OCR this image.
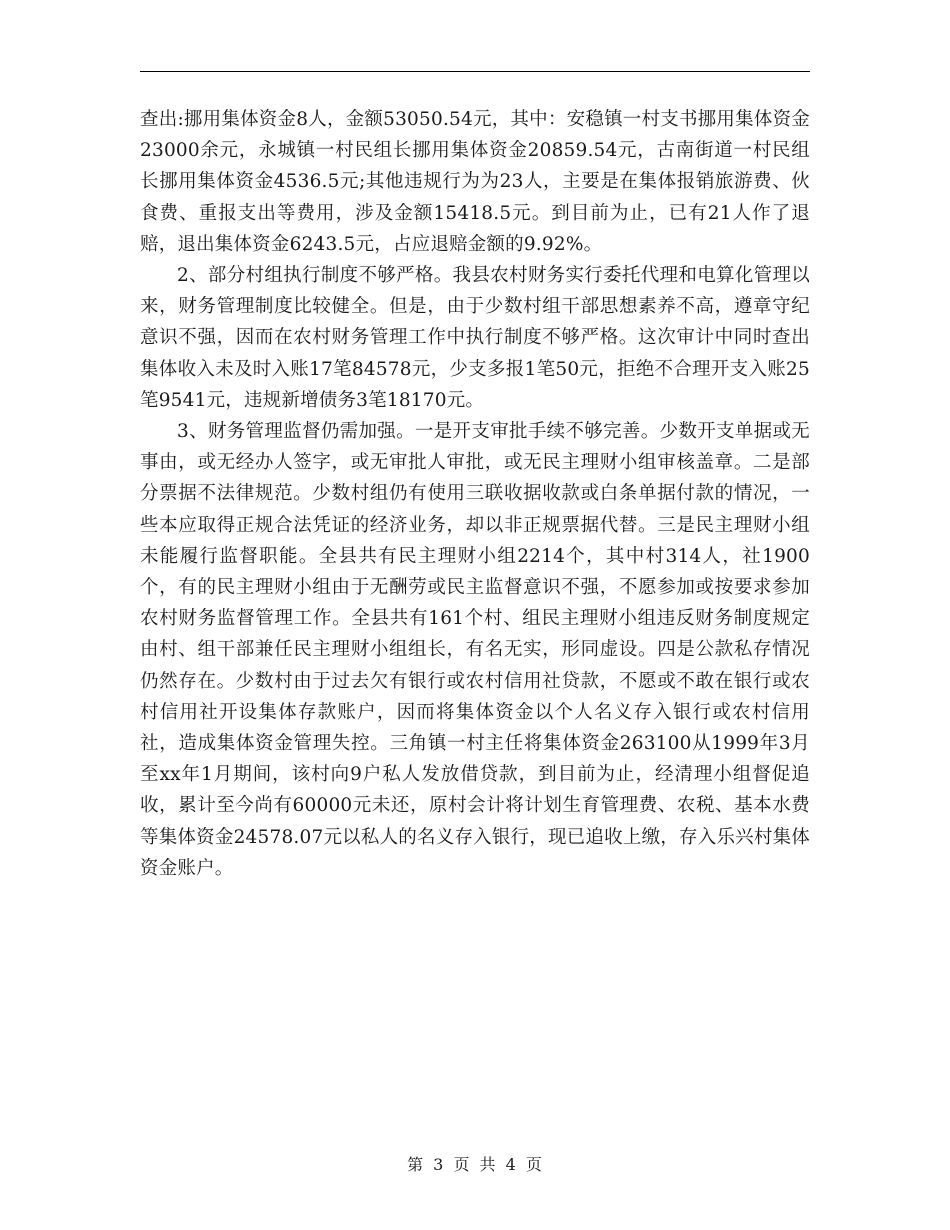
查出:挪用集体资金8人，金额53050.54元，其中：安稳镇一村支书挪用集体资金23000余元，永城镇一村民组长挪用集体资金20859.54元，古南街道一村民组长挪用集体资金4536.5元;其他违规行为为23人，主要是在集体报销旅游费、伙食费、重报支出等费用，涉及金额15418.5元。到目前为止，已有21人作了退赔，退出集体资金6243.5元，占应退赔金额的9.92%。

2、部分村组执行制度不够严格。我县农村财务实行委托代理和电算化管理以来，财务管理制度比较健全。但是，由于少数村组干部思想素养不高，遵章守纪意识不强，因而在农村财务管理工作中执行制度不够严格。这次审计中同时查出集体收入未及时入账17笔84578元，少支多报1笔50元，拒绝不合理开支入账25笔9541元，违规新增债务3笔18170元。

3、财务管理监督仍需加强。一是开支审批手续不够完善。少数开支单据或无事由，或无经办人签字，或无审批人审批，或无民主理财小组审核盖章。二是部分票据不法律规范。少数村组仍有使用三联收据收款或白条单据付款的情况，一些本应取得正规合法凭证的经济业务，却以非正规票据代替。三是民主理财小组未能履行监督职能。全县共有民主理财小组2214个，其中村314人，社1900个，有的民主理财小组由于无酬劳或民主监督意识不强，不愿参加或按要求参加农村财务监督管理工作。全县共有161个村、组民主理财小组违反财务制度规定由村、组干部兼任民主理财小组组长，有名无实，形同虚设。四是公款私存情况仍然存在。少数村由于过去欠有银行或农村信用社贷款，不愿或不敢在银行或农村信用社开设集体存款账户，因而将集体资金以个人名义存入银行或农村信用社，造成集体资金管理失控。三角镇一村主任将集体资金263100从1999年3月至xx年1月期间，该村向9户私人发放借贷款，到目前为止，经清理小组督促追收，累计至今尚有60000元未还，原村会计将计划生育管理费、农税、基本水费等集体资金24578.07元以私人的名义存入银行，现已追收上缴，存入乐兴村集体资金账户。

第 3 页 共 4 页
